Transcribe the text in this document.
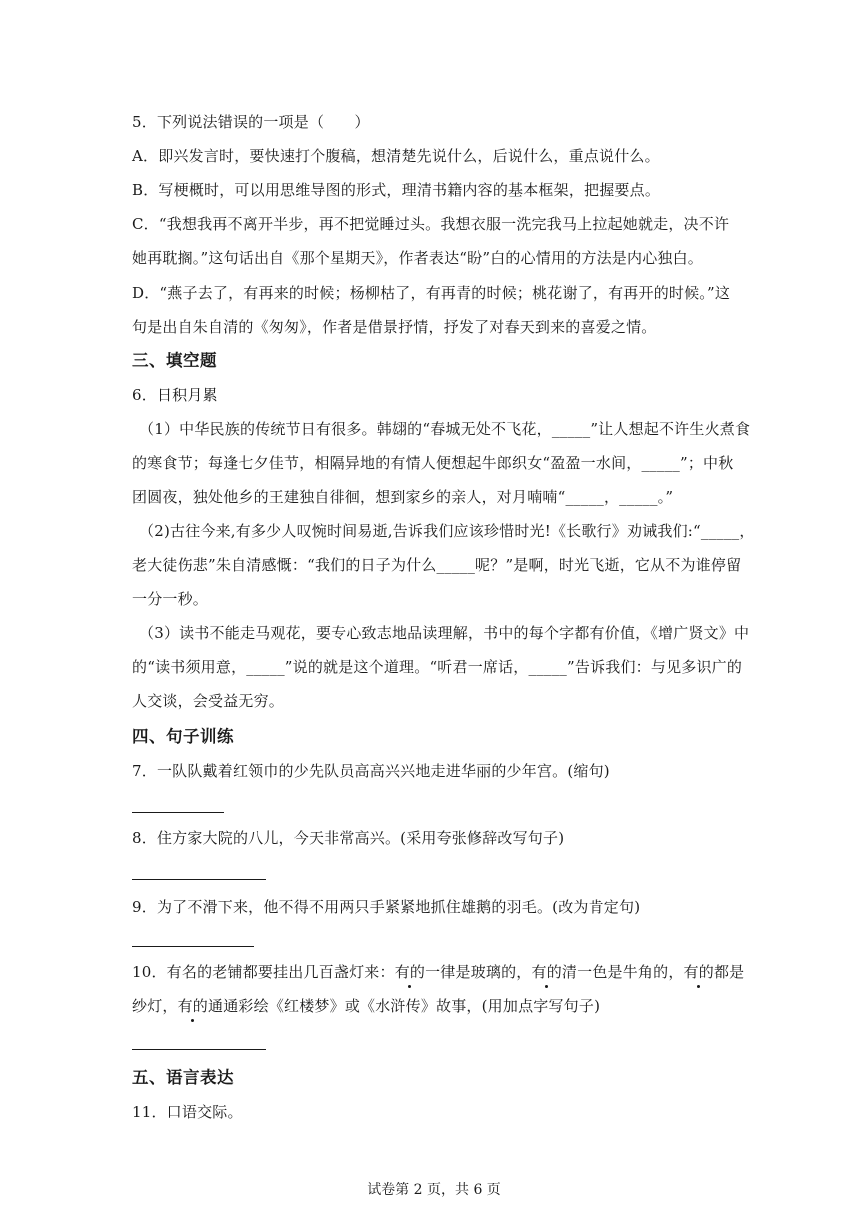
5．下列说法错误的一项是（　　）
A．即兴发言时，要快速打个腹稿，想清楚先说什么，后说什么，重点说什么。
B．写梗概时，可以用思维导图的形式，理清书籍内容的基本框架，把握要点。
C．“我想我再不离开半步，再不把觉睡过头。我想衣服一洗完我马上拉起她就走，决不许
她再耽搁。”这句话出自《那个星期天》，作者表达“盼”白的心情用的方法是内心独白。
D．“燕子去了，有再来的时候；杨柳枯了，有再青的时候；桃花谢了，有再开的时候。”这
句是出自朱自清的《匆匆》，作者是借景抒情，抒发了对春天到来的喜爱之情。
三、填空题
6．日积月累
（1）中华民族的传统节日有很多。韩翃的“春城无处不飞花，_____”让人想起不许生火煮食
的寒食节；每逢七夕佳节，相隔异地的有情人便想起牛郎织女“盈盈一水间，_____”；中秋
团圆夜，独处他乡的王建独自徘徊，想到家乡的亲人，对月喃喃“_____，_____。”
（2)古往今来,有多少人叹惋时间易逝,告诉我们应该珍惜时光!《长歌行》劝诫我们:“_____，
老大徒伤悲”朱自清感慨：“我们的日子为什么_____呢？”是啊，时光飞逝，它从不为谁停留
一分一秒。
（3）读书不能走马观花，要专心致志地品读理解，书中的每个字都有价值，《增广贤文》中
的“读书须用意，_____”说的就是这个道理。“听君一席话，_____”告诉我们：与见多识广的
人交谈，会受益无穷。
四、句子训练
7．一队队戴着红领巾的少先队员高高兴兴地走进华丽的少年宫。(缩句)
8．住方家大院的八儿，今天非常高兴。(采用夸张修辞改写句子)
9．为了不滑下来，他不得不用两只手紧紧地抓住雄鹅的羽毛。(改为肯定句)
10．有名的老铺都要挂出几百盏灯来：有的一律是玻璃的，有的清一色是牛角的，有的都是
纱灯，有的通通彩绘《红楼梦》或《水浒传》故事，(用加点字写句子)
五、语言表达
11．口语交际。
试卷第 2 页，共 6 页
